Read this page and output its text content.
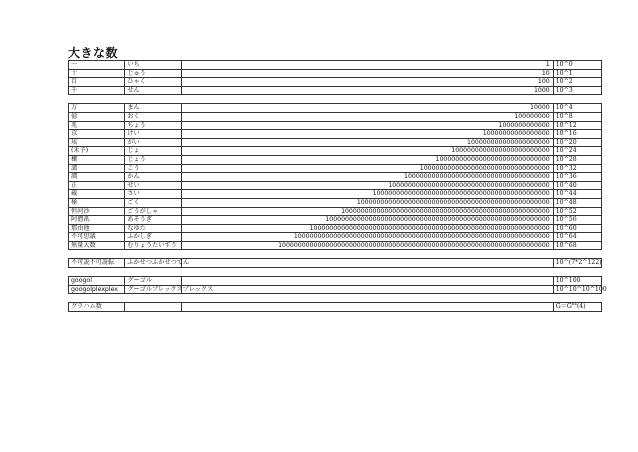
大きな数
一	いち	1	10^0
十	じゅう	10	10^1
百	ひゃく	100	10^2
千	せん	1000	10^3
万	まん	10000	10^4
億	おく	100000000	10^8
兆	ちょう	1000000000000	10^12
京	けい	10000000000000000	10^16
垓	がい	100000000000000000000	10^20
(禾予)	じょ	1000000000000000000000000	10^24
穣	じょう	10000000000000000000000000000	10^28
溝	こう	100000000000000000000000000000000	10^32
澗	かん	1000000000000000000000000000000000000	10^36
正	せい	10000000000000000000000000000000000000000	10^40
載	さい	100000000000000000000000000000000000000000000	10^44
極	ごく	1000000000000000000000000000000000000000000000000	10^48
恒河沙	ごうがしゃ	10000000000000000000000000000000000000000000000000000	10^52
阿僧祇	あそうぎ	100000000000000000000000000000000000000000000000000000000	10^56
那由他	なゆた	1000000000000000000000000000000000000000000000000000000000000	10^60
不可思議	ふかしぎ	10000000000000000000000000000000000000000000000000000000000000000	10^64
無量大数	むりょうたいすう	100000000000000000000000000000000000000000000000000000000000000000000	10^68
不可説不可説転	ふかせつふかせつてん		10^(7*2^122)
googol	グーゴル		10^100
googolplexplex	グーゴルプレックスプレックス		10^10^10^100
グラハム数			$G=G^{64}(4)$
